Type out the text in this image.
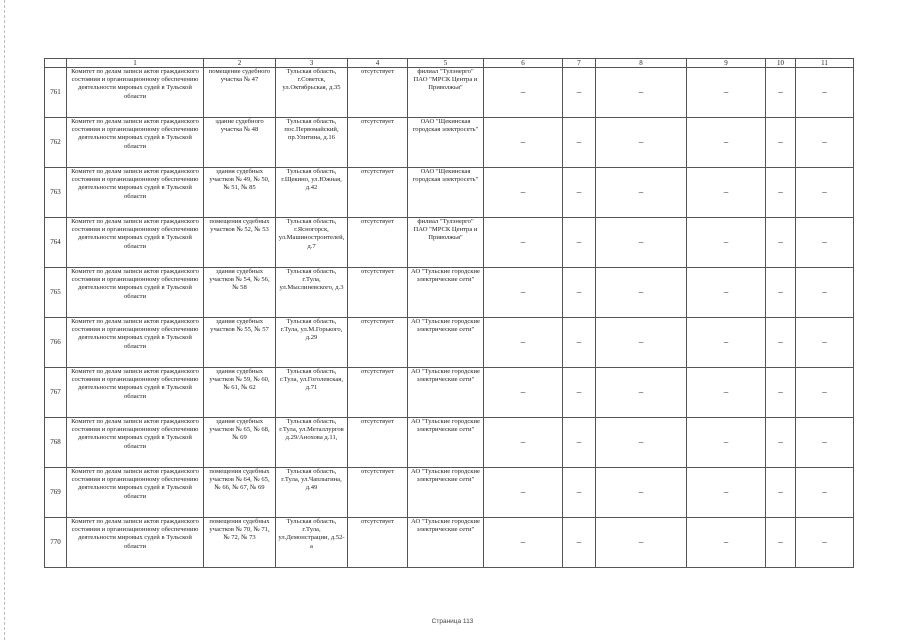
	1	2	3	4	5	6	7	8	9	10	11
761	Комитет по делам записи актов гражданского состояния и организационному обеспечению деятельности мировых судей в Тульской области	помещение судебного участка № 47	Тульская область, г.Советск, ул.Октябрьская, д.35	отсутствует	филиал "Тулэнерго" ПАО "МРСК Центра и Приволжья"	–	–	–	–	–	–
762	Комитет по делам записи актов гражданского состояния и организационному обеспечению деятельности мировых судей в Тульской области	здание судебного участка № 48	Тульская область, пос.Первомайский, пр.Улитина, д.16	отсутствует	ОАО "Щекинская городская электросеть"	–	–	–	–	–	–
763	Комитет по делам записи актов гражданского состояния и организационному обеспечению деятельности мировых судей в Тульской области	здания судебных участков № 49, № 50, № 51, № 85	Тульская область, г.Щекино, ул.Южная, д.42	отсутствует	ОАО "Щекинская городская электросеть"	–	–	–	–	–	–
764	Комитет по делам записи актов гражданского состояния и организационному обеспечению деятельности мировых судей в Тульской области	помещения судебных участков № 52, № 53	Тульская область, г.Ясногорск, ул.Машиностроителей, д.7	отсутствует	филиал "Тулэнерго" ПАО "МРСК Центра и Приволжья"	–	–	–	–	–	–
765	Комитет по делам записи актов гражданского состояния и организационному обеспечению деятельности мировых судей в Тульской области	здания судебных участков № 54, № 56, № 58	Тульская область, г.Тула, ул.Мыслиневского, д.3	отсутствует	АО "Тульские городские электрические сети"	–	–	–	–	–	–
766	Комитет по делам записи актов гражданского состояния и организационному обеспечению деятельности мировых судей в Тульской области	здания судебных участков № 55, № 57	Тульская область, г.Тула, ул.М.Горького, д.29	отсутствует	АО "Тульские городские электрические сети"	–	–	–	–	–	–
767	Комитет по делам записи актов гражданского состояния и организационному обеспечению деятельности мировых судей в Тульской области	здания судебных участков № 59, № 60, № 61, № 62	Тульская область, г.Тула, ул.Гоголевская, д.71	отсутствует	АО "Тульские городские электрические сети"	–	–	–	–	–	–
768	Комитет по делам записи актов гражданского состояния и организационному обеспечению деятельности мировых судей в Тульской области	здания судебных участков № 65, № 68, № 69	Тульская область, г.Тула, ул.Металлургов д.29/Анохова д.11,	отсутствует	АО "Тульские городские электрические сети"	–	–	–	–	–	–
769	Комитет по делам записи актов гражданского состояния и организационному обеспечению деятельности мировых судей в Тульской области	помещения судебных участков № 64, № 65, № 66, № 67, № 69	Тульская область, г.Тула, ул.Чаплыгина, д.49	отсутствует	АО "Тульские городские электрические сети"	–	–	–	–	–	–
770	Комитет по делам записи актов гражданского состояния и организационному обеспечению деятельности мировых судей в Тульской области	помещения судебных участков № 70, № 71, № 72, № 73	Тульская область, г.Тула, ул.Демонстрации, д.52-а	отсутствует	АО "Тульские городские электрические сети"	–	–	–	–	–	–
Страница 113
